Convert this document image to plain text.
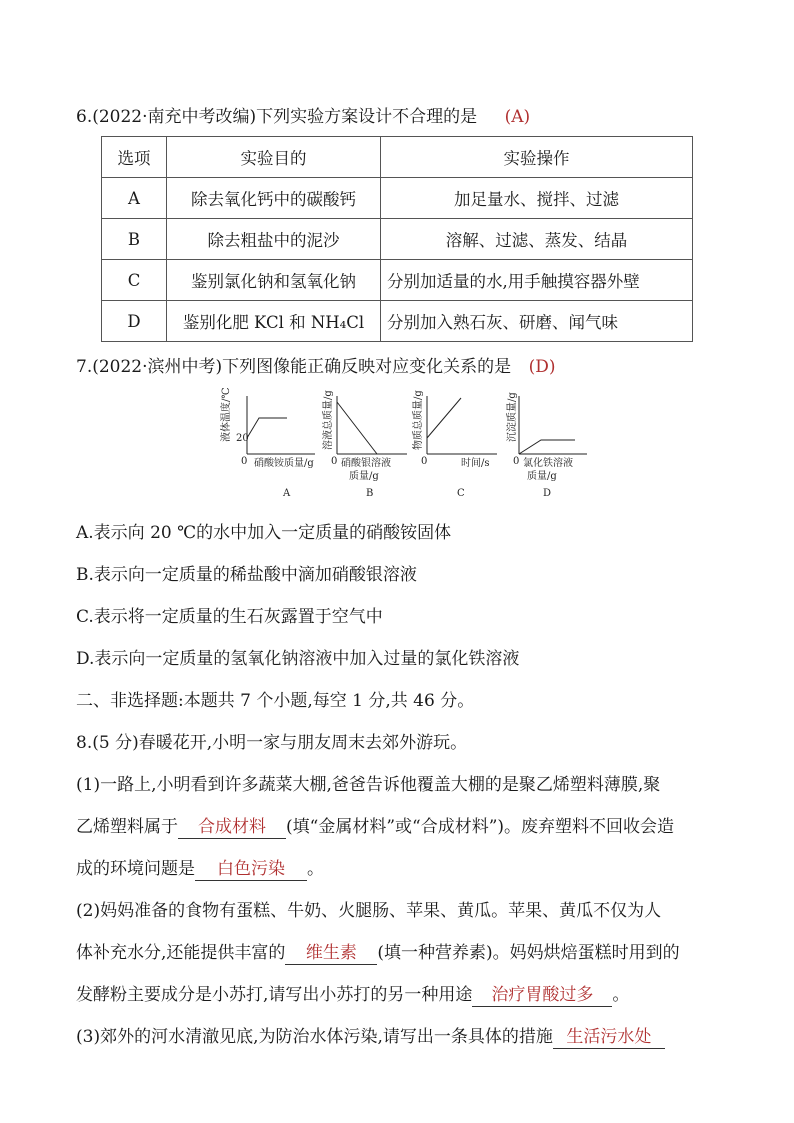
6.(2022·南充中考改编)下列实验方案设计不合理的是 (A)
选项	实验目的	实验操作
A	除去氧化钙中的碳酸钙	加足量水、搅拌、过滤
B	除去粗盐中的泥沙	溶解、过滤、蒸发、结晶
C	鉴别氯化钠和氢氧化钠	分别加适量的水,用手触摸容器外壁
D	鉴别化肥 KCl 和 NH₄Cl	分别加入熟石灰、研磨、闻气味
7.(2022·滨州中考)下列图像能正确反映对应变化关系的是 (D)
20
0 硝酸铵质量/g
A
液体温度/℃
0 硝酸银溶液
质量/g
B
溶液总质量/g
0	时间/s
C
物质总质量/g
0 氯化铁溶液
质量/g
D
沉淀质量/g
A.表示向 20 ℃的水中加入一定质量的硝酸铵固体
B.表示向一定质量的稀盐酸中滴加硝酸银溶液
C.表示将一定质量的生石灰露置于空气中
D.表示向一定质量的氢氧化钠溶液中加入过量的氯化铁溶液
二、非选择题:本题共 7 个小题,每空 1 分,共 46 分。
8.(5 分)春暖花开,小明一家与朋友周末去郊外游玩。
(1)一路上,小明看到许多蔬菜大棚,爸爸告诉他覆盖大棚的是聚乙烯塑料薄膜,聚
乙烯塑料属于 合成材料 (填“金属材料”或“合成材料”)。废弃塑料不回收会造
成的环境问题是 白色污染 。
(2)妈妈准备的食物有蛋糕、牛奶、火腿肠、苹果、黄瓜。苹果、黄瓜不仅为人
体补充水分,还能提供丰富的 维生素 (填一种营养素)。妈妈烘焙蛋糕时用到的
发酵粉主要成分是小苏打,请写出小苏打的另一种用途 治疗胃酸过多 。
(3)郊外的河水清澈见底,为防治水体污染,请写出一条具体的措施 生活污水处
